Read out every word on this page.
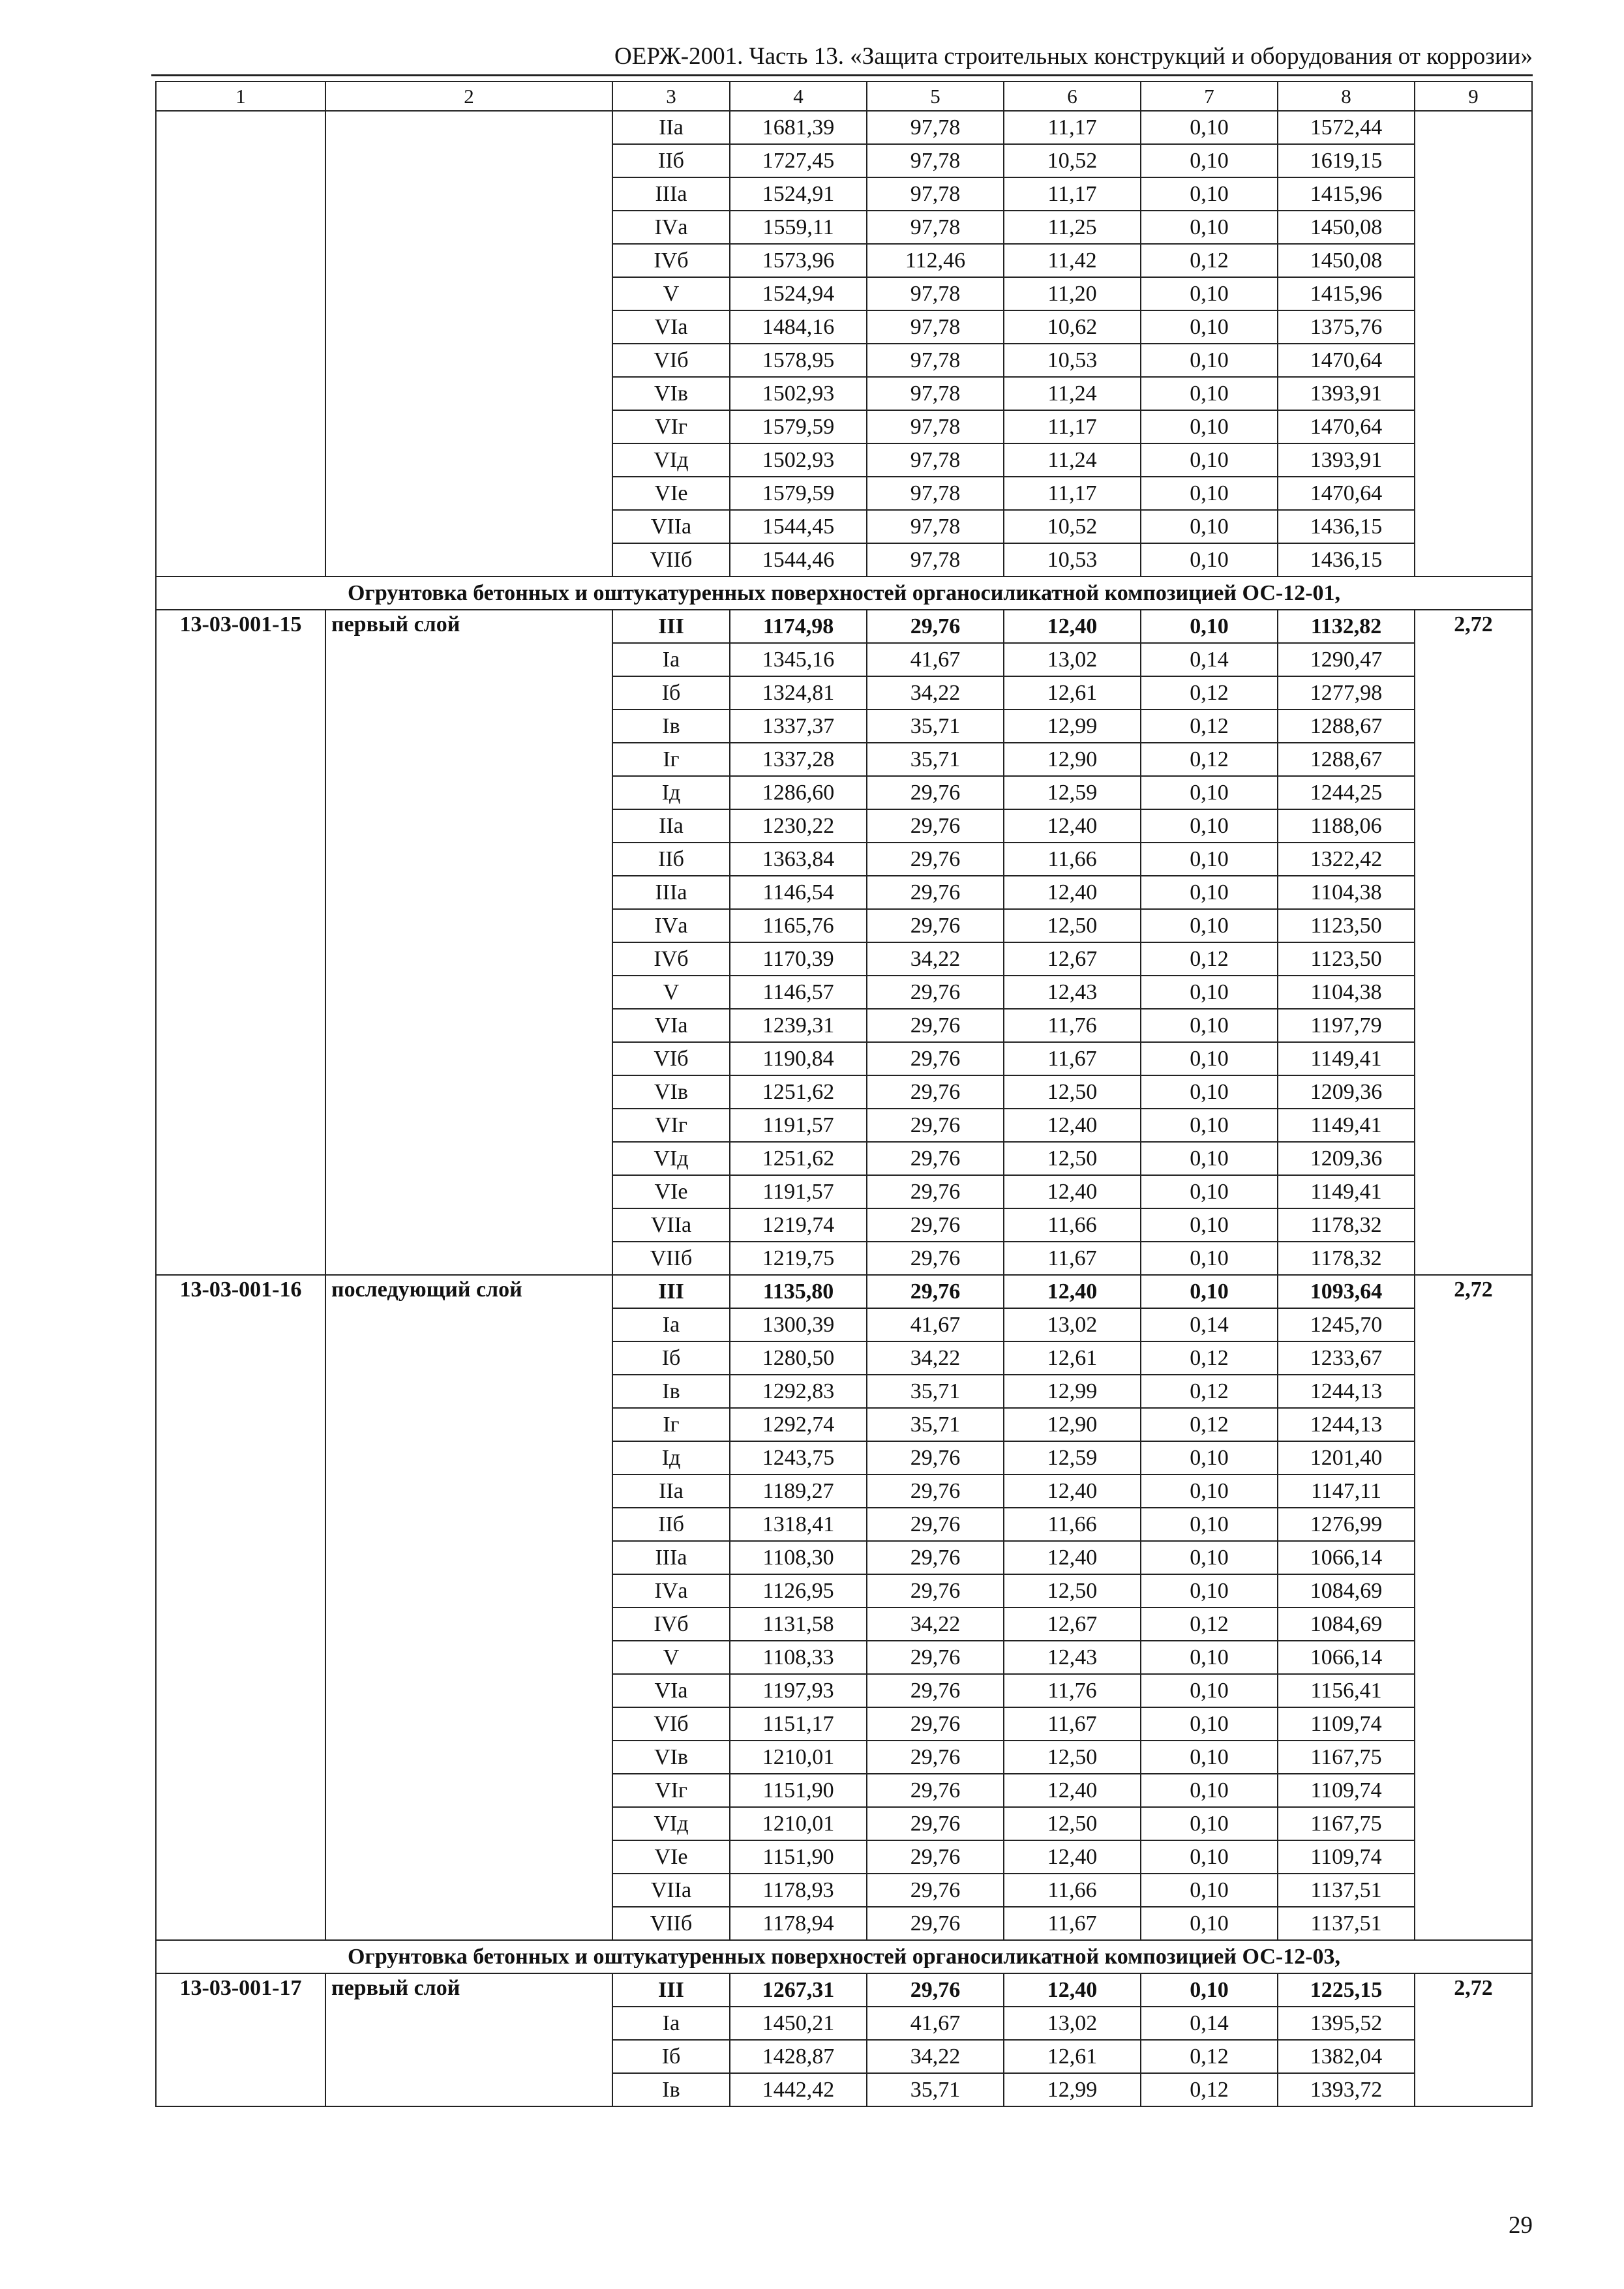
ОЕРЖ-2001. Часть 13. «Защита строительных конструкций и оборудования от коррозии»
1	2	3	4	5	6	7	8	9
		IIа	1681,39	97,78	11,17	0,10	1572,44	
		IIб	1727,45	97,78	10,52	0,10	1619,15	
		IIIа	1524,91	97,78	11,17	0,10	1415,96	
		IVа	1559,11	97,78	11,25	0,10	1450,08	
		IVб	1573,96	112,46	11,42	0,12	1450,08	
		V	1524,94	97,78	11,20	0,10	1415,96	
		VIа	1484,16	97,78	10,62	0,10	1375,76	
		VIб	1578,95	97,78	10,53	0,10	1470,64	
		VIв	1502,93	97,78	11,24	0,10	1393,91	
		VIг	1579,59	97,78	11,17	0,10	1470,64	
		VIд	1502,93	97,78	11,24	0,10	1393,91	
		VIе	1579,59	97,78	11,17	0,10	1470,64	
		VIIа	1544,45	97,78	10,52	0,10	1436,15	
		VIIб	1544,46	97,78	10,53	0,10	1436,15	
Огрунтовка бетонных и оштукатуренных поверхностей органосиликатной композицией ОС-12-01,								
13-03-001-15	первый слой	III	1174,98	29,76	12,40	0,10	1132,82	2,72
		Iа	1345,16	41,67	13,02	0,14	1290,47	
		Iб	1324,81	34,22	12,61	0,12	1277,98	
		Iв	1337,37	35,71	12,99	0,12	1288,67	
		Iг	1337,28	35,71	12,90	0,12	1288,67	
		Iд	1286,60	29,76	12,59	0,10	1244,25	
		IIа	1230,22	29,76	12,40	0,10	1188,06	
		IIб	1363,84	29,76	11,66	0,10	1322,42	
		IIIа	1146,54	29,76	12,40	0,10	1104,38	
		IVа	1165,76	29,76	12,50	0,10	1123,50	
		IVб	1170,39	34,22	12,67	0,12	1123,50	
		V	1146,57	29,76	12,43	0,10	1104,38	
		VIа	1239,31	29,76	11,76	0,10	1197,79	
		VIб	1190,84	29,76	11,67	0,10	1149,41	
		VIв	1251,62	29,76	12,50	0,10	1209,36	
		VIг	1191,57	29,76	12,40	0,10	1149,41	
		VIд	1251,62	29,76	12,50	0,10	1209,36	
		VIе	1191,57	29,76	12,40	0,10	1149,41	
		VIIа	1219,74	29,76	11,66	0,10	1178,32	
		VIIб	1219,75	29,76	11,67	0,10	1178,32	
13-03-001-16	последующий слой	III	1135,80	29,76	12,40	0,10	1093,64	2,72
		Iа	1300,39	41,67	13,02	0,14	1245,70	
		Iб	1280,50	34,22	12,61	0,12	1233,67	
		Iв	1292,83	35,71	12,99	0,12	1244,13	
		Iг	1292,74	35,71	12,90	0,12	1244,13	
		Iд	1243,75	29,76	12,59	0,10	1201,40	
		IIа	1189,27	29,76	12,40	0,10	1147,11	
		IIб	1318,41	29,76	11,66	0,10	1276,99	
		IIIа	1108,30	29,76	12,40	0,10	1066,14	
		IVа	1126,95	29,76	12,50	0,10	1084,69	
		IVб	1131,58	34,22	12,67	0,12	1084,69	
		V	1108,33	29,76	12,43	0,10	1066,14	
		VIа	1197,93	29,76	11,76	0,10	1156,41	
		VIб	1151,17	29,76	11,67	0,10	1109,74	
		VIв	1210,01	29,76	12,50	0,10	1167,75	
		VIг	1151,90	29,76	12,40	0,10	1109,74	
		VIд	1210,01	29,76	12,50	0,10	1167,75	
		VIе	1151,90	29,76	12,40	0,10	1109,74	
		VIIа	1178,93	29,76	11,66	0,10	1137,51	
		VIIб	1178,94	29,76	11,67	0,10	1137,51	
Огрунтовка бетонных и оштукатуренных поверхностей органосиликатной композицией ОС-12-03,								
13-03-001-17	первый слой	III	1267,31	29,76	12,40	0,10	1225,15	2,72
		Iа	1450,21	41,67	13,02	0,14	1395,52	
		Iб	1428,87	34,22	12,61	0,12	1382,04	
		Iв	1442,42	35,71	12,99	0,12	1393,72	
29
